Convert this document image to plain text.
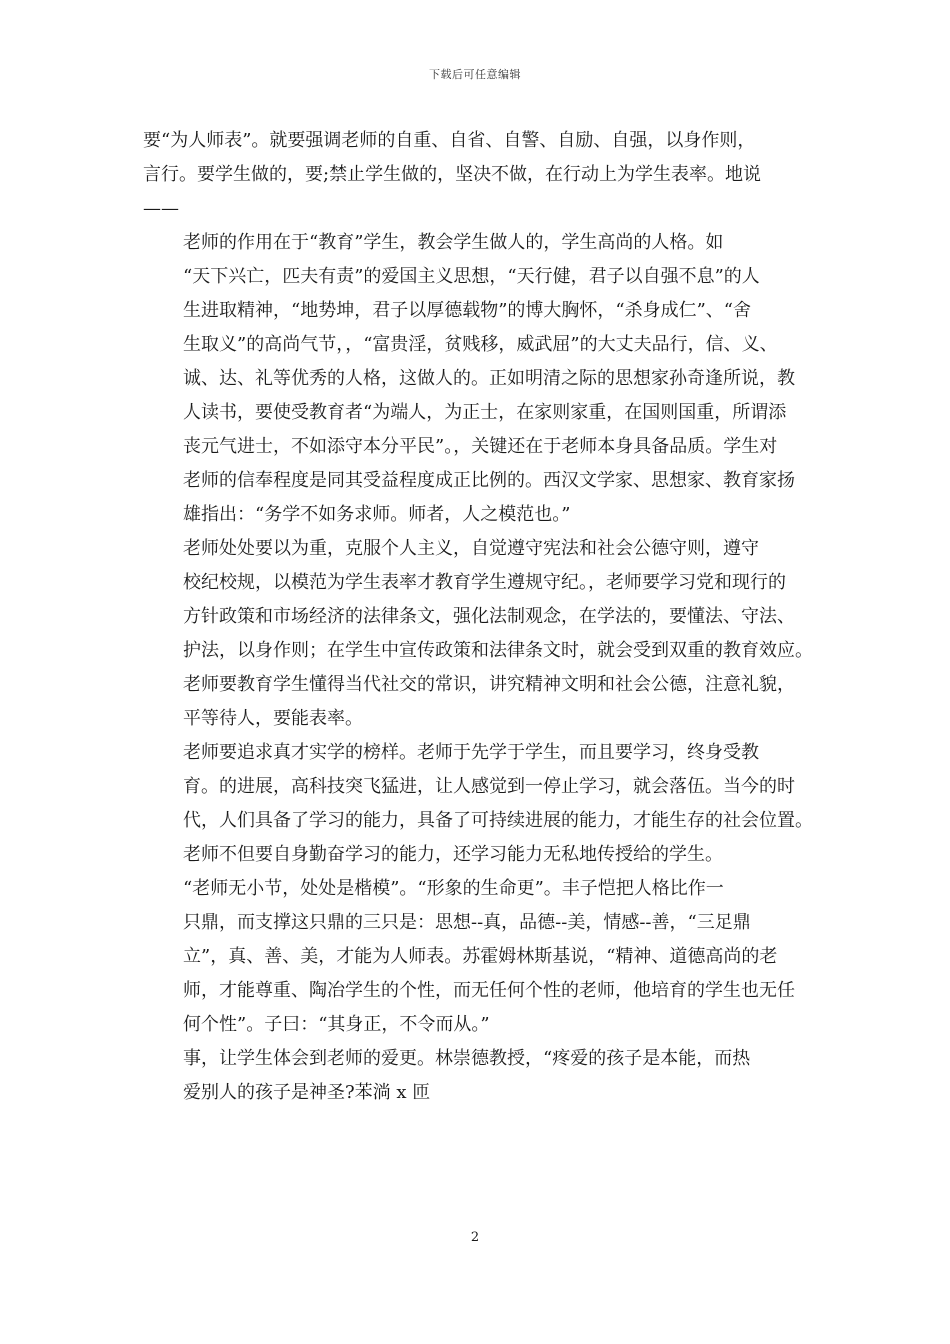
下载后可任意编辑

要“为人师表”。就要强调老师的自重、自省、自警、自励、自强，以身作则，
言行。要学生做的，要;禁止学生做的，坚决不做，在行动上为学生表率。地说
——

老师的作用在于“教育”学生，教会学生做人的，学生高尚的人格。如
“天下兴亡，匹夫有责”的爱国主义思想，“天行健，君子以自强不息”的人
生进取精神，“地势坤，君子以厚德载物”的博大胸怀，“杀身成仁”、“舍
生取义”的高尚气节，，“富贵淫，贫贱移，威武屈”的大丈夫品行，信、义、
诚、达、礼等优秀的人格，这做人的。正如明清之际的思想家孙奇逢所说，教
人读书，要使受教育者“为端人，为正士，在家则家重，在国则国重，所谓添
丧元气进士，不如添守本分平民”。，关键还在于老师本身具备品质。学生对
老师的信奉程度是同其受益程度成正比例的。西汉文学家、思想家、教育家扬
雄指出：“务学不如务求师。师者，人之模范也。”

老师处处要以为重，克服个人主义，自觉遵守宪法和社会公德守则，遵守
校纪校规，以模范为学生表率才教育学生遵规守纪。，老师要学习党和现行的
方针政策和市场经济的法律条文，强化法制观念，在学法的，要懂法、守法、
护法，以身作则；在学生中宣传政策和法律条文时，就会受到双重的教育效应。
老师要教育学生懂得当代社交的常识，讲究精神文明和社会公德，注意礼貌，
平等待人，要能表率。

老师要追求真才实学的榜样。老师于先学于学生，而且要学习，终身受教
育。的进展，高科技突飞猛进，让人感觉到一停止学习，就会落伍。当今的时
代，人们具备了学习的能力，具备了可持续进展的能力，才能生存的社会位置。
老师不但要自身勤奋学习的能力，还学习能力无私地传授给的学生。

“老师无小节，处处是楷模”。“形象的生命更”。丰子恺把人格比作一
只鼎，而支撑这只鼎的三只是：思想--真，品德--美，情感--善，“三足鼎
立”，真、善、美，才能为人师表。苏霍姆林斯基说，“精神、道德高尚的老
师，才能尊重、陶冶学生的个性，而无任何个性的老师，他培育的学生也无任
何个性”。子曰：“其身正，不令而从。”

事，让学生体会到老师的爱更。林崇德教授，“疼爱的孩子是本能，而热
爱别人的孩子是神圣?苯淌 x 匝

2
